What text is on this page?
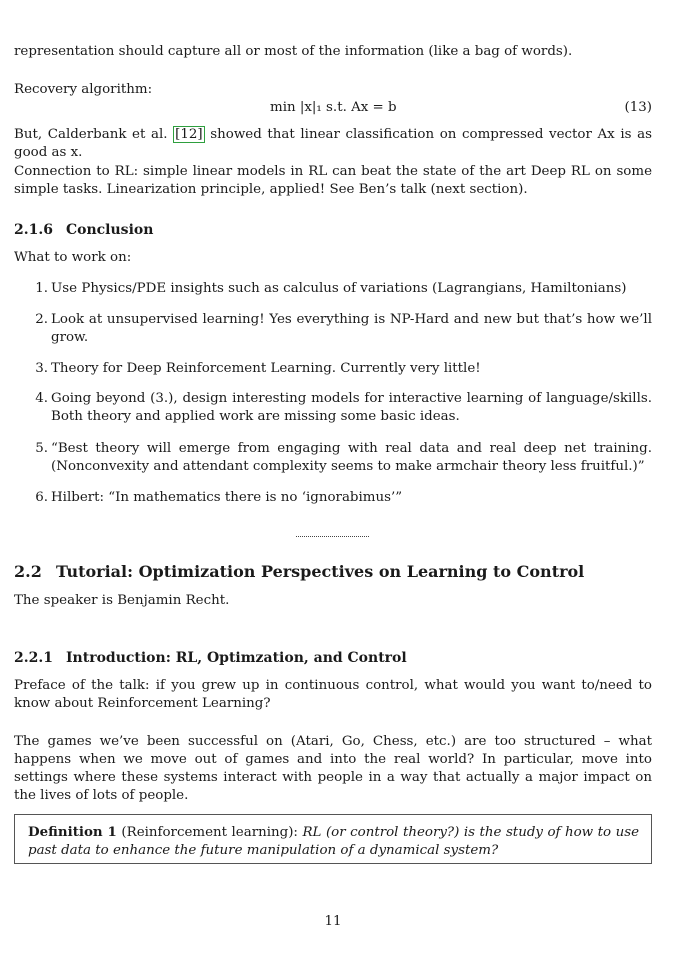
representation should capture all or most of the information (like a bag of words).

Recovery algorithm:

min |x|₁ s.t. Ax = b	(13)

But, Calderbank et al. [12] showed that linear classification on compressed vector Ax is as good as x.

Connection to RL: simple linear models in RL can beat the state of the art Deep RL on some simple tasks. Linearization principle, applied! See Ben’s talk (next section).

2.1.6 Conclusion

What to work on:

1. Use Physics/PDE insights such as calculus of variations (Lagrangians, Hamiltonians)
2. Look at unsupervised learning! Yes everything is NP-Hard and new but that’s how we’ll grow.
3. Theory for Deep Reinforcement Learning. Currently very little!
4. Going beyond (3.), design interesting models for interactive learning of language/skills. Both theory and applied work are missing some basic ideas.
5. “Best theory will emerge from engaging with real data and real deep net training. (Nonconvexity and attendant complexity seems to make armchair theory less fruitful.)”
6. Hilbert: “In mathematics there is no ‘ignorabimus’”
2.2 Tutorial: Optimization Perspectives on Learning to Control

The speaker is Benjamin Recht.

2.2.1 Introduction: RL, Optimzation, and Control

Preface of the talk: if you grew up in continuous control, what would you want to/need to know about Reinforcement Learning?

The games we’ve been successful on (Atari, Go, Chess, etc.) are too structured – what happens when we move out of games and into the real world? In particular, move into settings where these systems interact with people in a way that actually a major impact on the lives of lots of people.

Definition 1 (Reinforcement learning): RL (or control theory?) is the study of how to use past data to enhance the future manipulation of a dynamical system?

11
